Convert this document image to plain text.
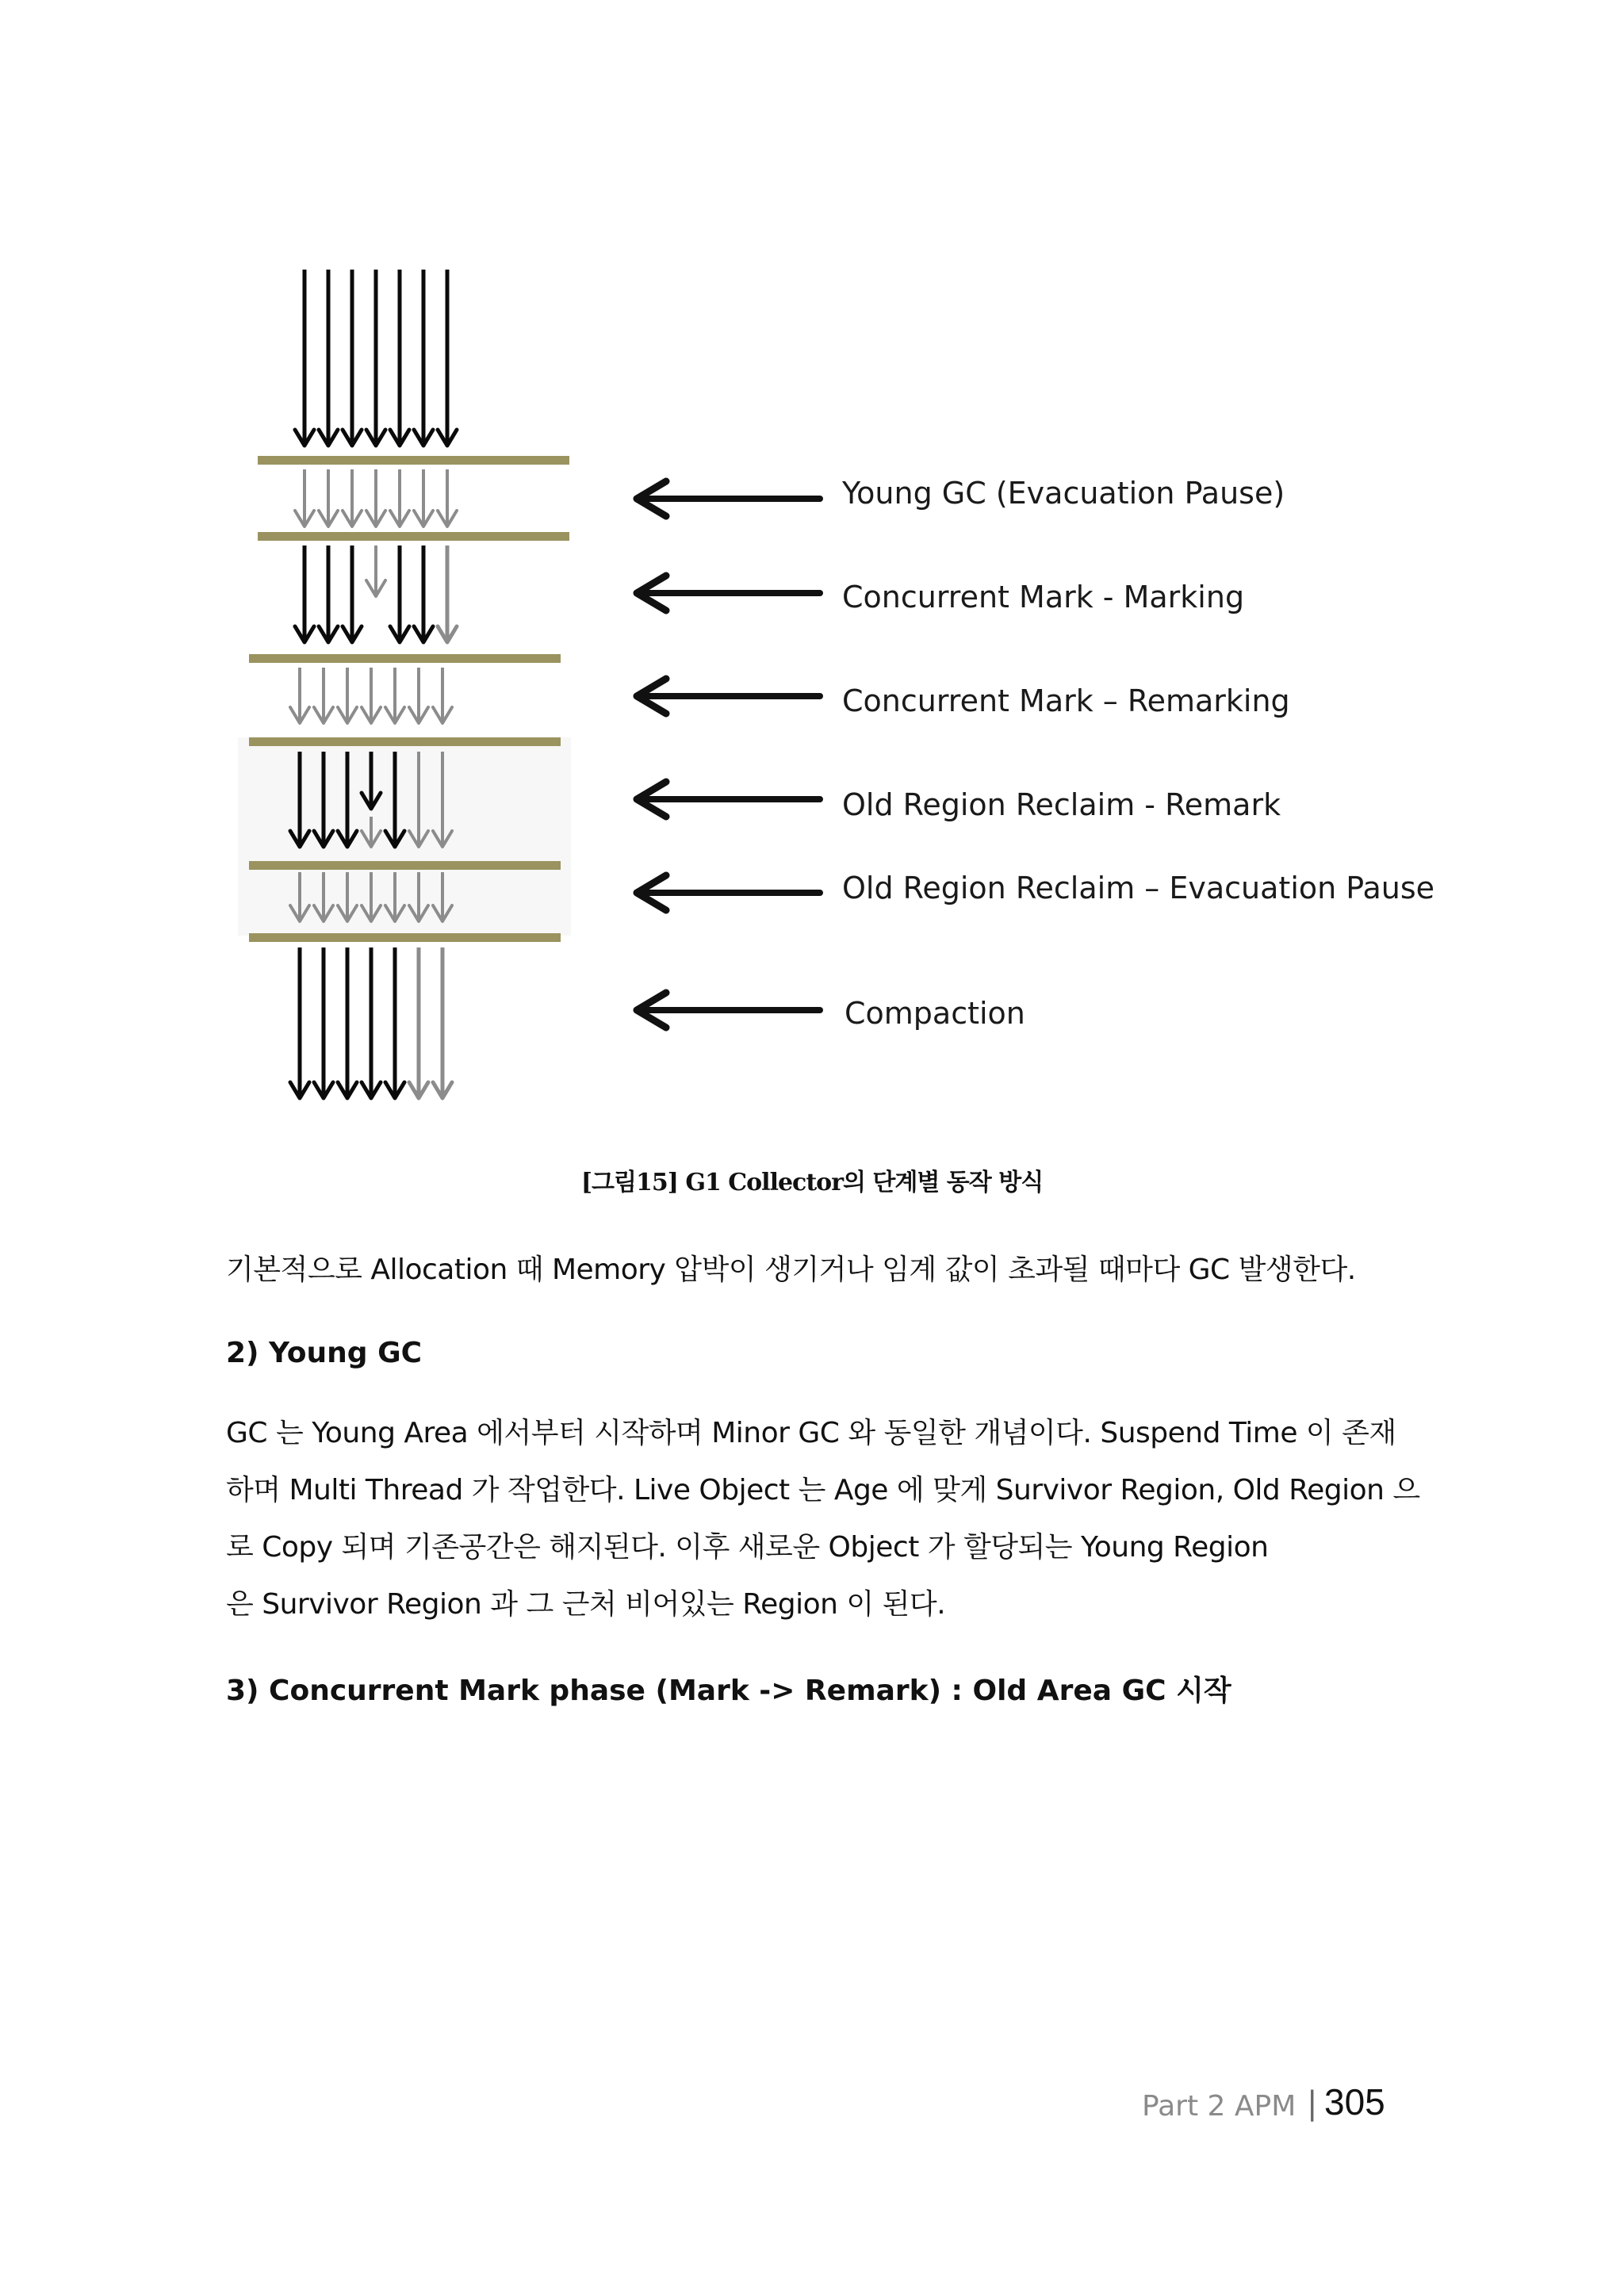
Young GC (Evacuation Pause)
Concurrent Mark - Marking
Concurrent Mark – Remarking
Old Region Reclaim - Remark
Old Region Reclaim – Evacuation Pause
Compaction
[그림15] G1 Collector의 단계별 동작 방식
기본적으로 Allocation 때 Memory 압박이 생기거나 임계 값이 초과될 때마다 GC 발생한다.
2) Young GC
GC 는 Young Area 에서부터 시작하며 Minor GC 와 동일한 개념이다. Suspend Time 이 존재
하며 Multi Thread 가 작업한다. Live Object 는 Age 에 맞게 Survivor Region, Old Region 으
로 Copy 되며 기존공간은 해지된다. 이후 새로운 Object 가 할당되는 Young Region
은 Survivor Region 과 그 근처 비어있는 Region 이 된다.
3) Concurrent Mark phase (Mark -> Remark) : Old Area GC 시작
Part 2 APM | 305
